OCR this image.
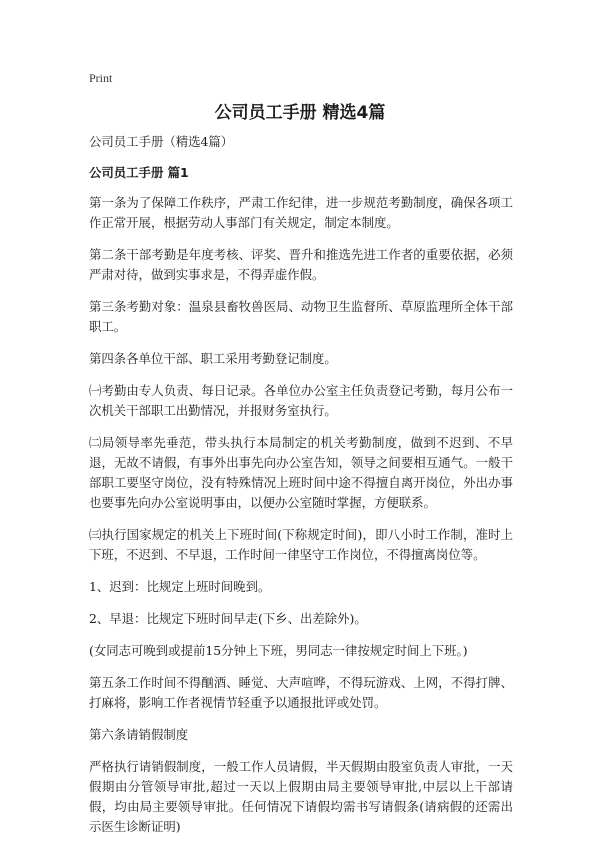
Print
公司员工手册 精选4篇

公司员工手册（精选4篇）

公司员工手册 篇1

第一条为了保障工作秩序，严肃工作纪律，进一步规范考勤制度，确保各项工作正常开展，根据劳动人事部门有关规定，制定本制度。

第二条干部考勤是年度考核、评奖、晋升和推选先进工作者的重要依据，必须严肃对待，做到实事求是，不得弄虚作假。

第三条考勤对象：温泉县畜牧兽医局、动物卫生监督所、草原监理所全体干部职工。

第四条各单位干部、职工采用考勤登记制度。

㈠考勤由专人负责、每日记录。各单位办公室主任负责登记考勤，每月公布一次机关干部职工出勤情况，并报财务室执行。

㈡局领导率先垂范，带头执行本局制定的机关考勤制度，做到不迟到、不早退，无故不请假，有事外出事先向办公室告知，领导之间要相互通气。一般干部职工要坚守岗位，没有特殊情况上班时间中途不得擅自离开岗位，外出办事也要事先向办公室说明事由，以便办公室随时掌握，方便联系。

㈢执行国家规定的机关上下班时间(下称规定时间)，即八小时工作制，准时上下班，不迟到、不早退，工作时间一律坚守工作岗位，不得擅离岗位等。

1、迟到：比规定上班时间晚到。

2、早退：比规定下班时间早走(下乡、出差除外)。

(女同志可晚到或提前15分钟上下班，男同志一律按规定时间上下班。)

第五条工作时间不得酗酒、睡觉、大声喧哗，不得玩游戏、上网，不得打牌、打麻将，影响工作者视情节轻重予以通报批评或处罚。

第六条请销假制度

严格执行请销假制度，一般工作人员请假，半天假期由股室负责人审批，一天假期由分管领导审批,超过一天以上假期由局主要领导审批,中层以上干部请假，均由局主要领导审批。任何情况下请假均需书写请假条(请病假的还需出示医生诊断证明)
